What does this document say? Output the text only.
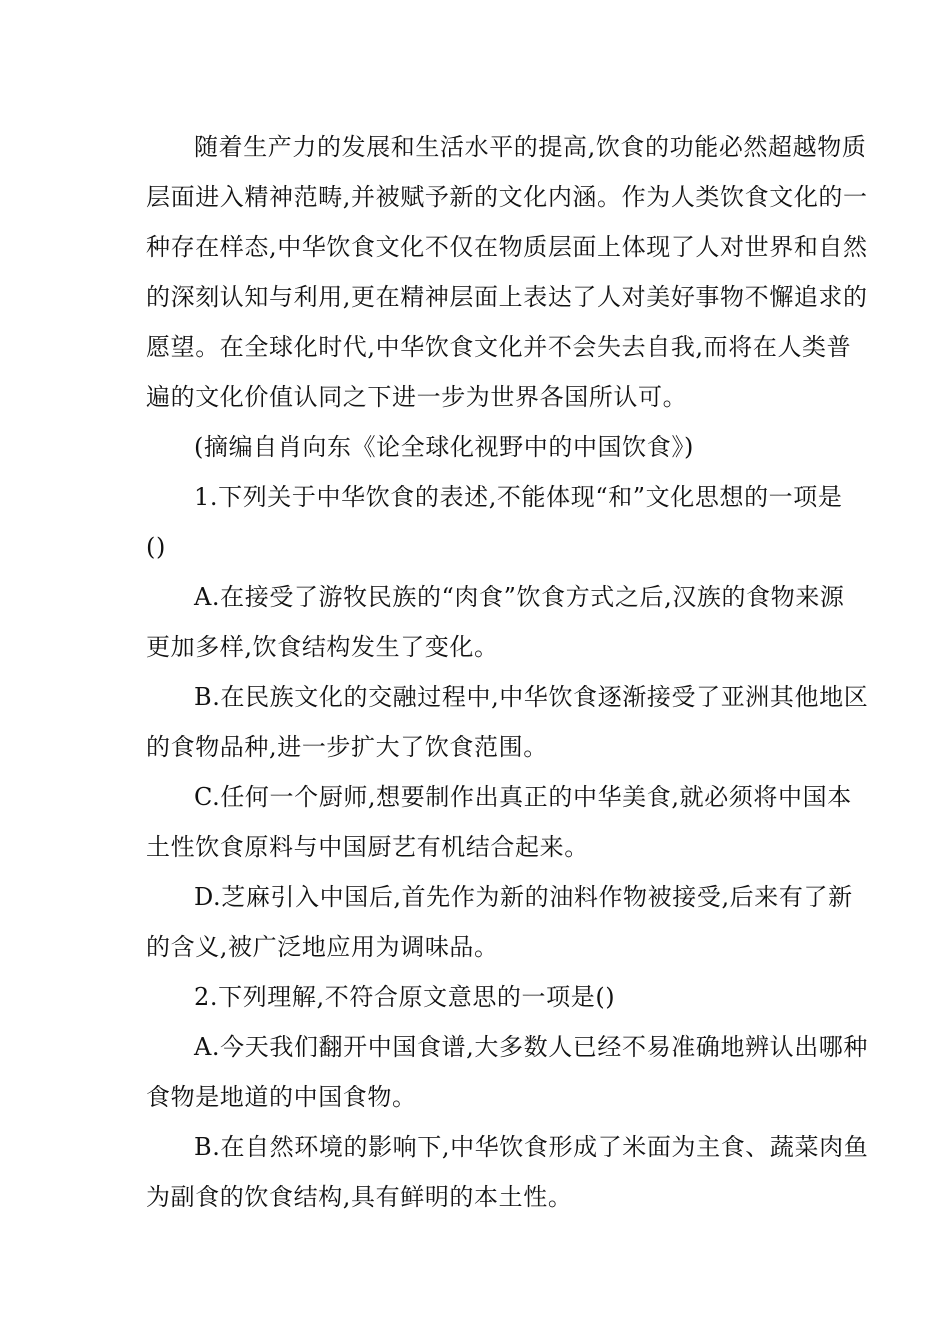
随着生产力的发展和生活水平的提高,饮食的功能必然超越物质
层面进入精神范畴,并被赋予新的文化内涵。作为人类饮食文化的一
种存在样态,中华饮食文化不仅在物质层面上体现了人对世界和自然
的深刻认知与利用,更在精神层面上表达了人对美好事物不懈追求的
愿望。在全球化时代,中华饮食文化并不会失去自我,而将在人类普
遍的文化价值认同之下进一步为世界各国所认可。
(摘编自肖向东《论全球化视野中的中国饮食》)
1.下列关于中华饮食的表述,不能体现“和”文化思想的一项是
()
A.在接受了游牧民族的“肉食”饮食方式之后,汉族的食物来源
更加多样,饮食结构发生了变化。
B.在民族文化的交融过程中,中华饮食逐渐接受了亚洲其他地区
的食物品种,进一步扩大了饮食范围。
C.任何一个厨师,想要制作出真正的中华美食,就必须将中国本
土性饮食原料与中国厨艺有机结合起来。
D.芝麻引入中国后,首先作为新的油料作物被接受,后来有了新
的含义,被广泛地应用为调味品。
2.下列理解,不符合原文意思的一项是()
A.今天我们翻开中国食谱,大多数人已经不易准确地辨认出哪种
食物是地道的中国食物。
B.在自然环境的影响下,中华饮食形成了米面为主食、蔬菜肉鱼
为副食的饮食结构,具有鲜明的本土性。
